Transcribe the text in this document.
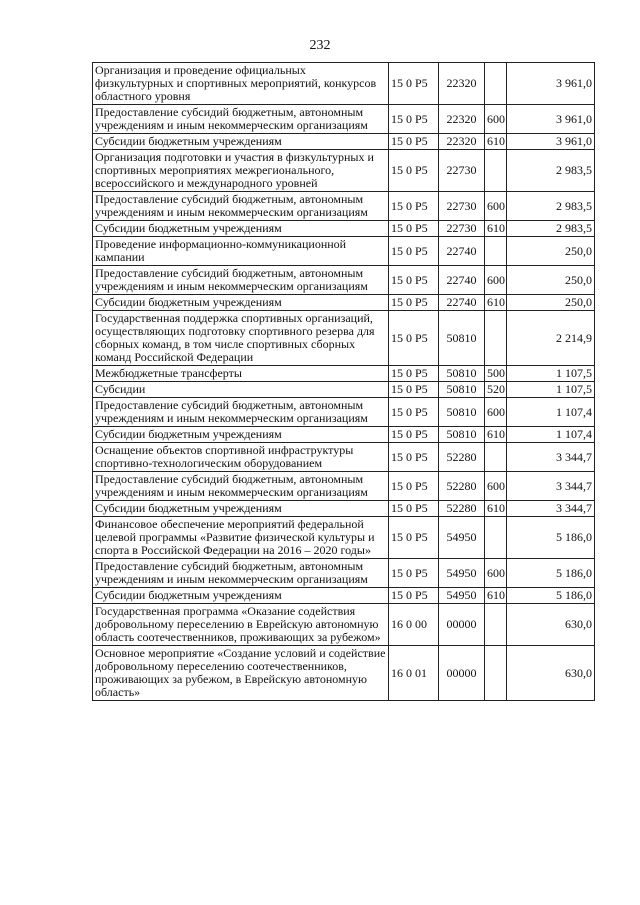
232
Организация и проведение официальных физкультурных и спортивных мероприятий, конкурсов областного уровня	15 0 Р5	22320		3 961,0
Предоставление субсидий бюджетным, автономным учреждениям и иным некоммерческим организациям	15 0 Р5	22320	600	3 961,0
Субсидии бюджетным учреждениям	15 0 Р5	22320	610	3 961,0
Организация подготовки и участия в физкультурных и спортивных мероприятиях межрегионального, всероссийского и международного уровней	15 0 Р5	22730		2 983,5
Предоставление субсидий бюджетным, автономным учреждениям и иным некоммерческим организациям	15 0 Р5	22730	600	2 983,5
Субсидии бюджетным учреждениям	15 0 Р5	22730	610	2 983,5
Проведение информационно-коммуникационной кампании	15 0 Р5	22740		250,0
Предоставление субсидий бюджетным, автономным учреждениям и иным некоммерческим организациям	15 0 Р5	22740	600	250,0
Субсидии бюджетным учреждениям	15 0 Р5	22740	610	250,0
Государственная поддержка спортивных организаций, осуществляющих подготовку спортивного резерва для сборных команд, в том числе спортивных сборных команд Российской Федерации	15 0 Р5	50810		2 214,9
Межбюджетные трансферты	15 0 Р5	50810	500	1 107,5
Субсидии	15 0 Р5	50810	520	1 107,5
Предоставление субсидий бюджетным, автономным учреждениям и иным некоммерческим организациям	15 0 Р5	50810	600	1 107,4
Субсидии бюджетным учреждениям	15 0 Р5	50810	610	1 107,4
Оснащение объектов спортивной инфраструктуры спортивно-технологическим оборудованием	15 0 Р5	52280		3 344,7
Предоставление субсидий бюджетным, автономным учреждениям и иным некоммерческим организациям	15 0 Р5	52280	600	3 344,7
Субсидии бюджетным учреждениям	15 0 Р5	52280	610	3 344,7
Финансовое обеспечение мероприятий федеральной целевой программы «Развитие физической культуры и спорта в Российской Федерации на 2016 – 2020 годы»	15 0 Р5	54950		5 186,0
Предоставление субсидий бюджетным, автономным учреждениям и иным некоммерческим организациям	15 0 Р5	54950	600	5 186,0
Субсидии бюджетным учреждениям	15 0 Р5	54950	610	5 186,0
Государственная программа «Оказание содействия добровольному переселению в Еврейскую автономную область соотечественников, проживающих за рубежом»	16 0 00	00000		630,0
Основное мероприятие «Создание условий и содействие добровольному переселению соотечественников, проживающих за рубежом, в Еврейскую автономную область»	16 0 01	00000		630,0
